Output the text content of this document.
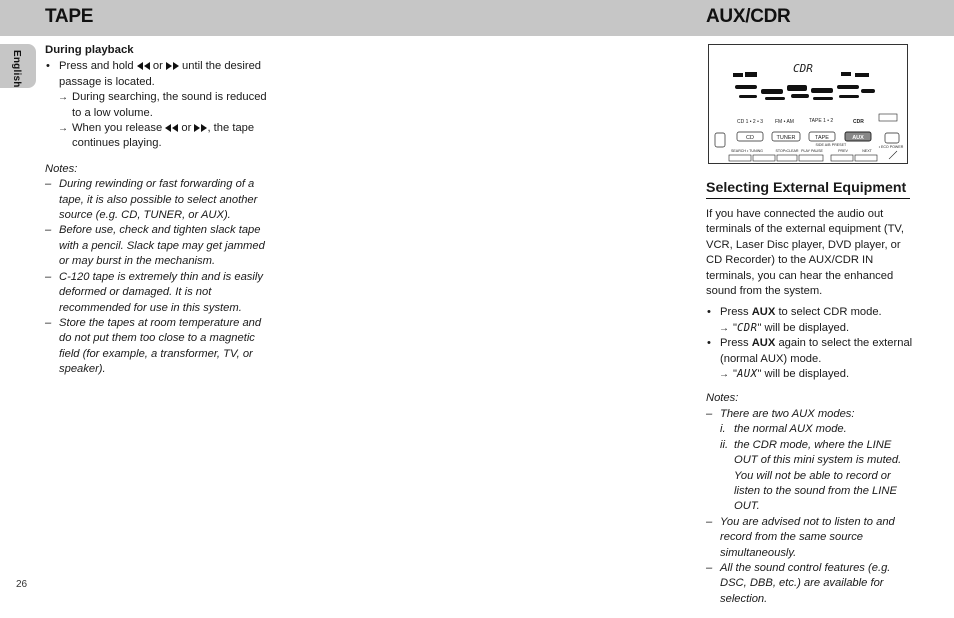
TAPE	AUX/CDR
English
26
During playback
• Press and hold  or  until the desired passage is located.
→ During searching, the sound is reduced to a low volume.
→ When you release  or , the tape continues playing.
Notes:
– During rewinding or fast forwarding of a tape, it is also possible to select another source (e.g. CD, TUNER, or AUX).
– Before use, check and tighten slack tape with a pencil. Slack tape may get jammed or may burst in the mechanism.
– C-120 tape is extremely thin and is easily deformed or damaged. It is not recommended for use in this system.
– Store the tapes at room temperature and do not put them too close to a magnetic field (for example, a transformer, TV, or speaker).
CDR
CD 1 • 2 • 3 FM • AM	TAPE 1 • 2	CDR
CD	TUNER	TAPE	AUX
PRESET
SIDE A/B	• ECO POWER
SEARCH • TUNING	STOP•CLEAR PLAY PAUSE	PREV	NEXT
Selecting External Equipment
If you have connected the audio out terminals of the external equipment (TV, VCR, Laser Disc player, DVD player, or CD Recorder) to the AUX/CDR IN terminals, you can hear the enhanced sound from the system.
• Press AUX to select CDR mode.
→ "CDR" will be displayed.
• Press AUX again to select the external (normal AUX) mode.
→ "AUX" will be displayed.
Notes:
– There are two AUX modes:
i. the normal AUX mode.
ii. the CDR mode, where the LINE OUT of this mini system is muted. You will not be able to record or listen to the sound from the LINE OUT.
– You are advised not to listen to and record from the same source simultaneously.
– All the sound control features (e.g. DSC, DBB, etc.) are available for selection.
